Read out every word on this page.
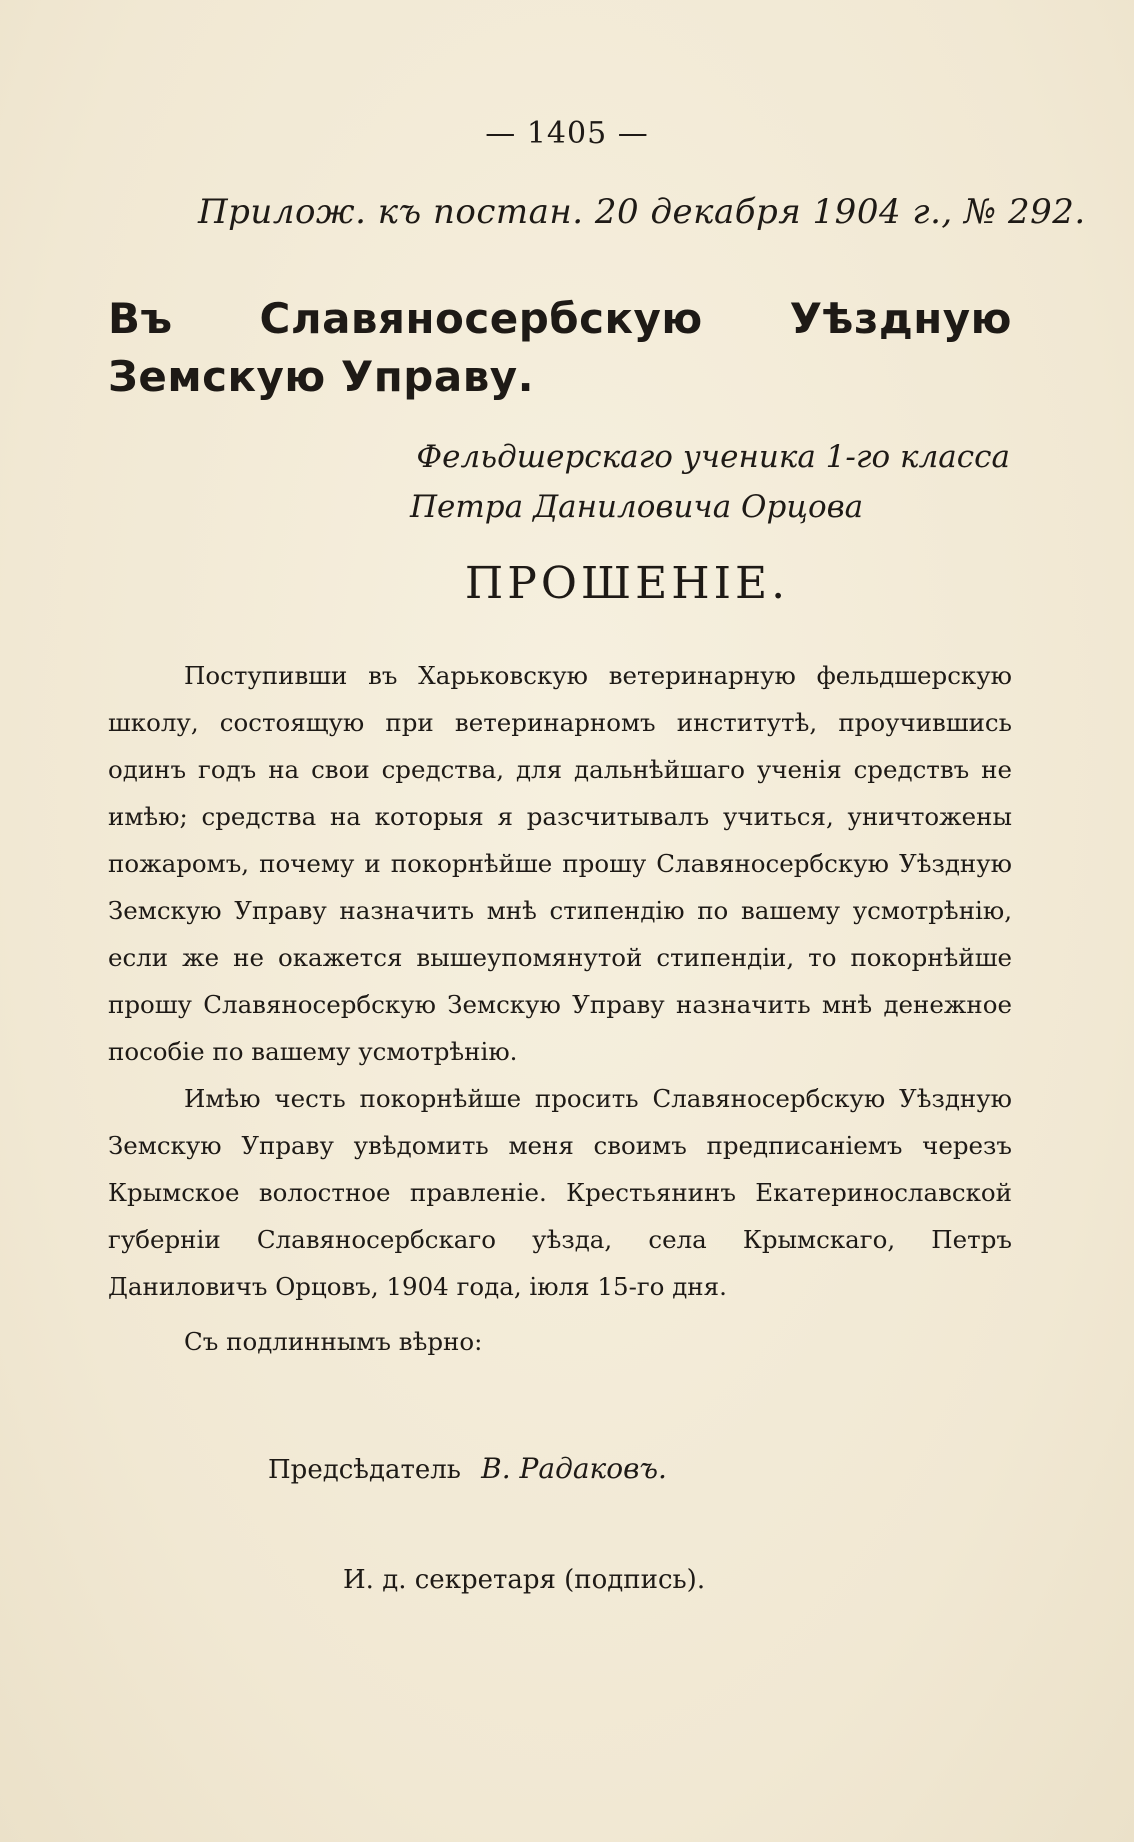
— 1405 —
Прилож. къ постан. 20 декабря 1904 г., № 292.
Въ Славяносербскую Уѣздную Земскую Управу.
Фельдшерскаго ученика 1-го класса
Петра Даниловича Орцова
ПРОШЕНІЕ.

Поступивши въ Харьковскую ветеринарную фельдшерскую школу, состоящую при ветеринарномъ институтѣ, проучившись одинъ годъ на свои средства, для дальнѣйшаго ученія средствъ не имѣю; средства на которыя я разсчитывалъ учиться, уничтожены пожаромъ, почему и покорнѣйше прошу Славяносербскую Уѣздную Земскую Управу назначить мнѣ стипендію по вашему усмотрѣнію, если же не окажется вышеупомянутой стипендіи, то покорнѣйше прошу Славяносербскую Земскую Управу назначить мнѣ денежное пособіе по вашему усмотрѣнію.

Имѣю честь покорнѣйше просить Славяносербскую Уѣздную Земскую Управу увѣдомить меня своимъ предписаніемъ черезъ Крымское волостное правленіе. Крестьянинъ Екатеринославской губерніи Славяносербскаго уѣзда, села Крымскаго, Петръ Даниловичъ Орцовъ, 1904 года, іюля 15-го дня.

Съ подлиннымъ вѣрно:

Предсѣдатель В. Радаковъ.
И. д. секретаря (подпись).
